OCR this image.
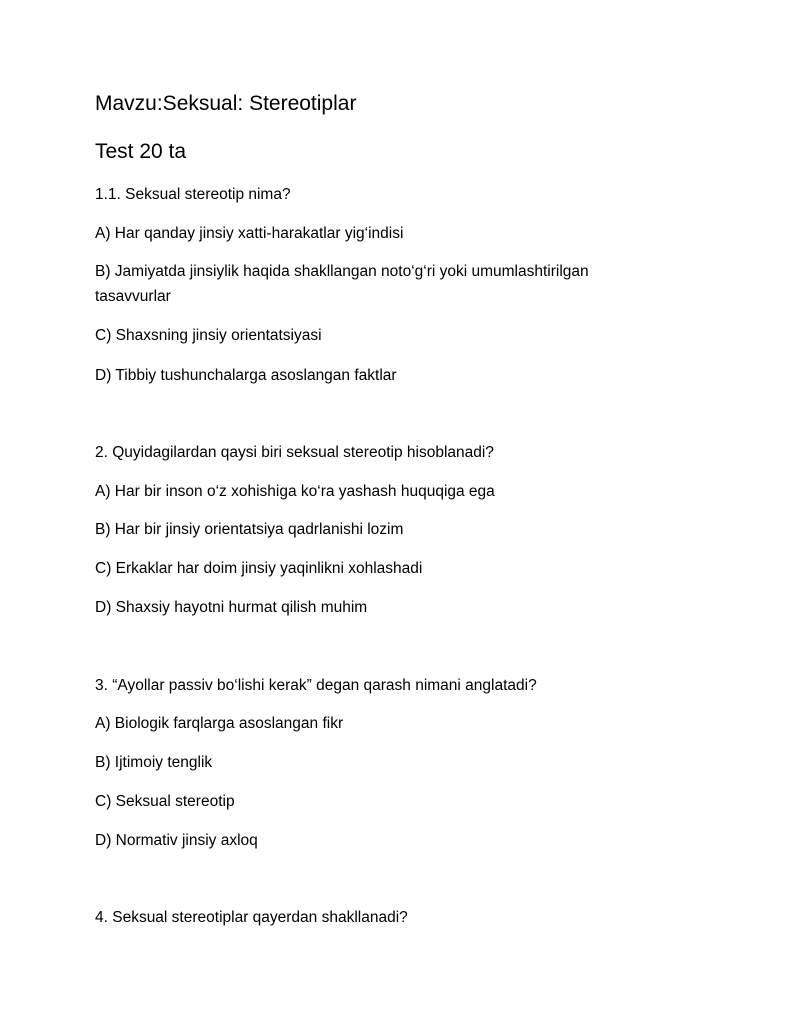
Mavzu:Seksual: Stereotiplar
Test 20 ta
1.1. Seksual stereotip nima?
A) Har qanday jinsiy xatti-harakatlar yig‘indisi
B) Jamiyatda jinsiylik haqida shakllangan noto‘g‘ri yoki umumlashtirilgan tasavvurlar
C) Shaxsning jinsiy orientatsiyasi
D) Tibbiy tushunchalarga asoslangan faktlar
2. Quyidagilardan qaysi biri seksual stereotip hisoblanadi?
A) Har bir inson o‘z xohishiga ko‘ra yashash huquqiga ega
B) Har bir jinsiy orientatsiya qadrlanishi lozim
C) Erkaklar har doim jinsiy yaqinlikni xohlashadi
D) Shaxsiy hayotni hurmat qilish muhim
3. “Ayollar passiv bo‘lishi kerak” degan qarash nimani anglatadi?
A) Biologik farqlarga asoslangan fikr
B) Ijtimoiy tenglik
C) Seksual stereotip
D) Normativ jinsiy axloq
4. Seksual stereotiplar qayerdan shakllanadi?
